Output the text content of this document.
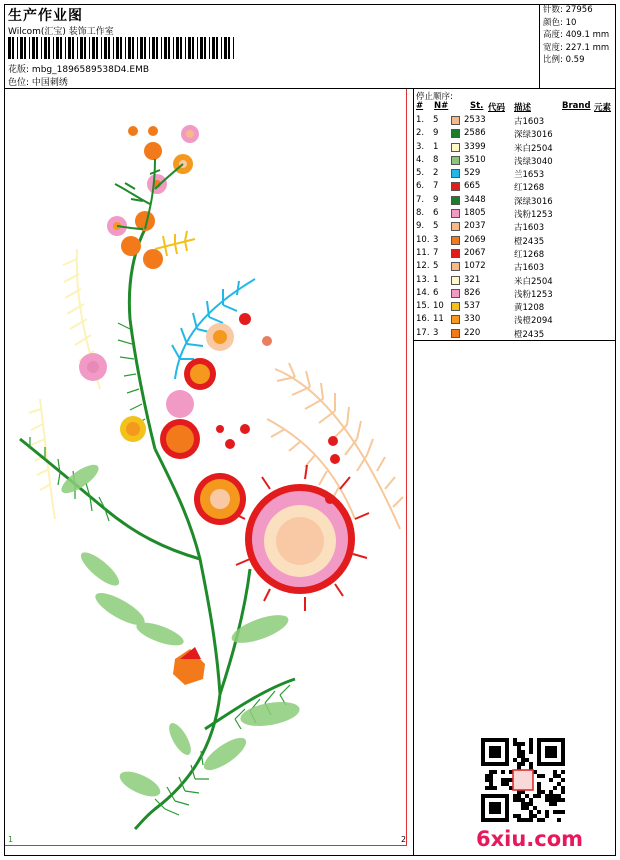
生产作业图
Wilcom(汇宝) 装饰工作室
花版: mbg_18965895​38D4.EMB
色位: 中国刺绣
针数: 27956
颜色: 10
高度: 409.1 mm
宽度: 227.1 mm
比例: 0.59
停止顺序:
# N#	St. 代码 描述	Brand 元素
1. 5	2533	古1603
2. 9	2586	深绿3016
3. 1	3399	米白2504
4. 8	3510	浅绿3040
5. 2	529	兰1653
6. 7	665	红1268
7. 9	3448	深绿3016
8. 6	1805	浅粉1253
9. 5	2037	古1603
10. 3	2069	橙2435
11. 7	2067	红1268
12. 5	1072	古1603
13. 1	321	米白2504
14. 6	826	浅粉1253
15. 10 537	黄1208
16. 11 330	浅橙2094
17. 3	220	橙2435
1	2	6xiu.com
